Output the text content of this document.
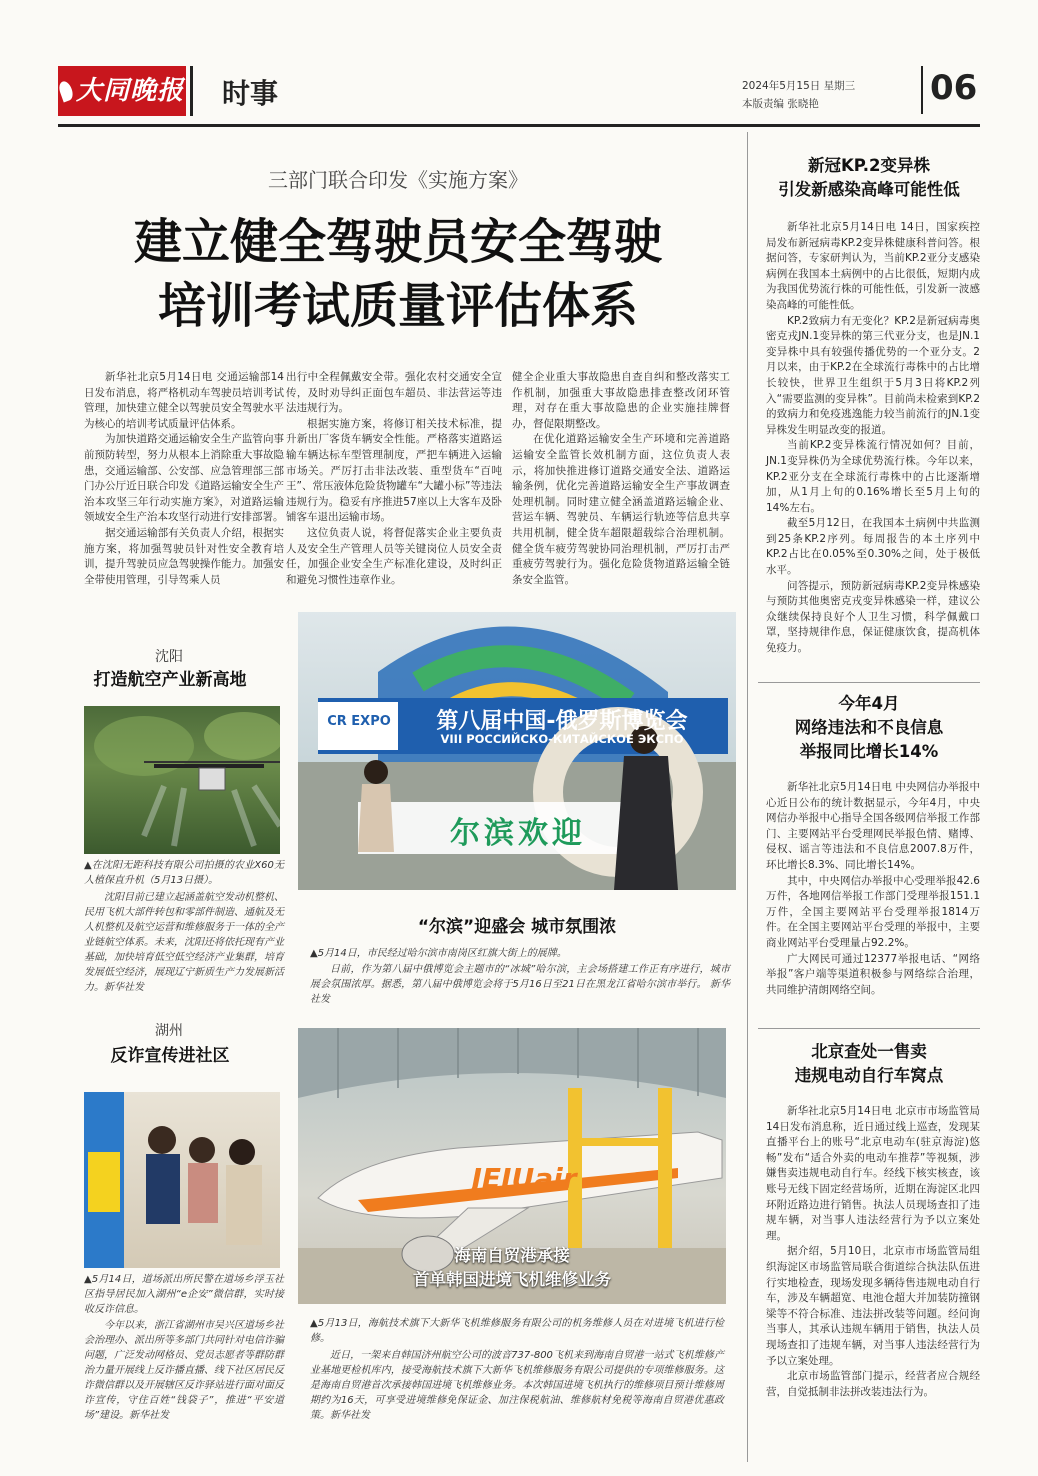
大同晚报 时事	2024年5月15日 星期三
本版责编 张晓艳	06
三部门联合印发《实施方案》
建立健全驾驶员安全驾驶
培训考试质量评估体系

新华社北京5月14日电 交通运输部14日发布消息，将严格机动车驾驶员培训考试管理，加快建立健全以驾驶员安全驾驶水平为核心的培训考试质量评估体系。

为加快道路交通运输安全生产监管向事前预防转型，努力从根本上消除重大事故隐患，交通运输部、公安部、应急管理部三部门办公厅近日联合印发《道路运输安全生产治本攻坚三年行动实施方案》，对道路运输领域安全生产治本攻坚行动进行安排部署。

据交通运输部有关负责人介绍，根据实施方案，将加强驾驶员针对性安全教育培训，提升驾驶员应急驾驶操作能力。加强安全带使用管理，引导驾乘人员

出行中全程佩戴安全带。强化农村交通安全宣传，及时劝导纠正面包车超员、非法营运等违法违规行为。

根据实施方案，将修订相关技术标准，提升新出厂客货车辆安全性能。严格落实道路运输车辆达标车型管理制度，严把车辆进入运输市场关。严厉打击非法改装、重型货车“百吨王”、常压液体危险货物罐车“大罐小标”等违法违规行为。稳妥有序推进57座以上大客车及卧铺客车退出运输市场。

这位负责人说，将督促落实企业主要负责人及安全生产管理人员等关键岗位人员安全责任，加强企业安全生产标准化建设，及时纠正和避免习惯性违章作业。

健全企业重大事故隐患自查自纠和整改落实工作机制，加强重大事故隐患排查整改闭环管理，对存在重大事故隐患的企业实施挂牌督办，督促限期整改。

在优化道路运输安全生产环境和完善道路运输安全监管长效机制方面，这位负责人表示，将加快推进修订道路交通安全法、道路运输条例，优化完善道路运输安全生产事故调查处理机制。同时建立健全涵盖道路运输企业、营运车辆、驾驶员、车辆运行轨迹等信息共享共用机制，健全货车超限超载综合治理机制。健全货车疲劳驾驶协同治理机制，严厉打击严重疲劳驾驶行为。强化危险货物道路运输全链条安全监管。

沈阳
打造航空产业新高地
▲在沈阳无距科技有限公司拍摄的农业X60无人植保直升机（5月13日摄）。
沈阳目前已建立起涵盖航空发动机整机、民用飞机大部件转包和零部件制造、通航及无人机整机及航空运营和维修服务于一体的全产业链航空体系。未来，沈阳还将依托现有产业基础，加快培育低空低空经济产业集群，培育发展低空经济，展现辽宁新质生产力发展新活力。新华社发
湖州
反诈宣传进社区
▲5月14日，道场派出所民警在道场乡浮玉社区指导居民加入湖州“e企安”微信群，实时接收反诈信息。
今年以来，浙江省湖州市吴兴区道场乡社会治理办、派出所等多部门共同针对电信诈骗问题，广泛发动网格员、党员志愿者等群防群治力量开展线上反诈播直播、线下社区居民反诈微信群以及开展辖区反诈驿站进行面对面反诈宣传，守住百姓“钱袋子”，推进“平安道场”建设。新华社发
CR EXPO	第八届中国-俄罗斯博览会
VIII РОССИЙСКО-КИТАЙСКОЕ ЭКСПО
尔滨欢迎
“尔滨”迎盛会 城市氛围浓
▲5月14日，市民经过哈尔滨市南岗区红旗大街上的展牌。
日前，作为第八届中俄博览会主题市的“冰城”哈尔滨，主会场搭建工作正有序进行，城市展会氛围浓厚。据悉，第八届中俄博览会将于5月16日至21日在黑龙江省哈尔滨市举行。 新华社发
JEJUair
海南自贸港承接
首单韩国进境飞机维修业务
▲5月13日，海航技术旗下大新华飞机维修服务有限公司的机务维修人员在对进境飞机进行检修。
近日，一架来自韩国济州航空公司的波音737-800飞机来到海南自贸港一站式飞机维修产业基地更检机库内，接受海航技术旗下大新华飞机维修服务有限公司提供的专项维修服务。这是海南自贸港首次承接韩国进境飞机维修业务。本次韩国进境飞机执行的维修项目预计维修周期约为16天，可享受进境维修免保证金、加注保税航油、维修航材免税等海南自贸港优惠政策。新华社发
新冠KP.2变异株
引发新感染高峰可能性低

新华社北京5月14日电 14日，国家疾控局发布新冠病毒KP.2变异株健康科普问答。根据问答，专家研判认为，当前KP.2亚分支感染病例在我国本土病例中的占比很低，短期内成为我国优势流行株的可能性低，引发新一波感染高峰的可能性低。

KP.2致病力有无变化？KP.2是新冠病毒奥密克戎JN.1变异株的第三代亚分支，也是JN.1变异株中具有较强传播优势的一个亚分支。2月以来，由于KP.2在全球流行毒株中的占比增长较快，世界卫生组织于5月3日将KP.2列入“需要监测的变异株”。目前尚未检索到KP.2的致病力和免疫逃逸能力较当前流行的JN.1变异株发生明显改变的报道。

当前KP.2变异株流行情况如何？目前，JN.1变异株仍为全球优势流行株。今年以来，KP.2亚分支在全球流行毒株中的占比逐渐增加，从1月上旬的0.16%增长至5月上旬的14%左右。

截至5月12日，在我国本土病例中共监测到25条KP.2序列。每周报告的本土序列中KP.2占比在0.05%至0.30%之间，处于极低水平。

问答提示，预防新冠病毒KP.2变异株感染与预防其他奥密克戎变异株感染一样，建议公众继续保持良好个人卫生习惯，科学佩戴口罩，坚持规律作息，保证健康饮食，提高机体免疫力。

今年4月
网络违法和不良信息
举报同比增长14%

新华社北京5月14日电 中央网信办举报中心近日公布的统计数据显示，今年4月，中央网信办举报中心指导全国各级网信举报工作部门、主要网站平台受理网民举报色情、赌博、侵权、谣言等违法和不良信息2007.8万件，环比增长8.3%、同比增长14%。

其中，中央网信办举报中心受理举报42.6万件，各地网信举报工作部门受理举报151.1万件，全国主要网站平台受理举报1814万件。在全国主要网站平台受理的举报中，主要商业网站平台受理量占92.2%。

广大网民可通过12377举报电话、“网络举报”客户端等渠道积极参与网络综合治理，共同维护清朗网络空间。

北京查处一售卖
违规电动自行车窝点

新华社北京5月14日电 北京市市场监管局14日发布消息称，近日通过线上巡查，发现某直播平台上的账号“北京电动车(驻京海淀)悠畅”发布“适合外卖的电动车推荐”等视频，涉嫌售卖违规电动自行车。经线下核实核查，该账号无线下固定经营场所，近期在海淀区北四环附近路边进行销售。执法人员现场查扣了违规车辆，对当事人违法经营行为予以立案处理。

据介绍，5月10日，北京市市场监管局组织海淀区市场监管局联合街道综合执法队伍进行实地检查，现场发现多辆待售违规电动自行车，涉及车辆超宽、电池仓超大并加装防撞钢梁等不符合标准、违法拼改装等问题。经问询当事人，其承认违规车辆用于销售，执法人员现场查扣了违规车辆，对当事人违法经营行为予以立案处理。

北京市场监管部门提示，经营者应合规经营，自觉抵制非法拼改装违法行为。
